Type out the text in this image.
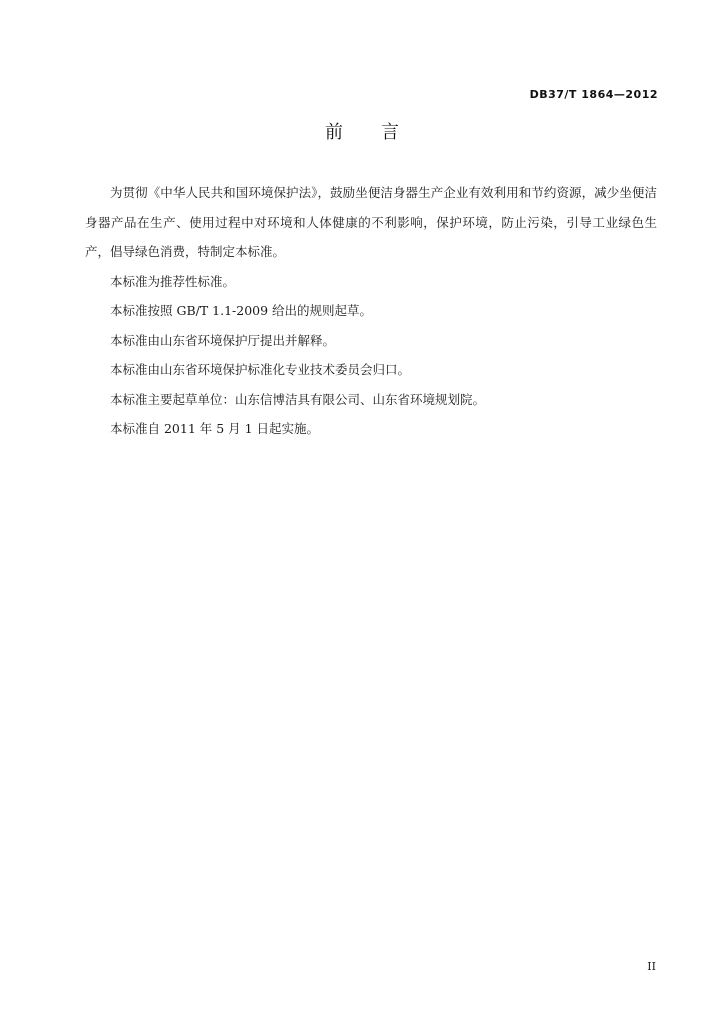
DB37/T 1864—2012

前言

为贯彻《中华人民共和国环境保护法》，鼓励坐便洁身器生产企业有效利用和节约资源，减少坐便洁身器产品在生产、使用过程中对环境和人体健康的不利影响，保护环境，防止污染，引导工业绿色生产，倡导绿色消费，特制定本标准。

本标准为推荐性标准。

本标准按照 GB/T 1.1-2009 给出的规则起草。

本标准由山东省环境保护厅提出并解释。

本标准由山东省环境保护标准化专业技术委员会归口。

本标准主要起草单位：山东信博洁具有限公司、山东省环境规划院。

本标准自 2011 年 5 月 1 日起实施。

II
